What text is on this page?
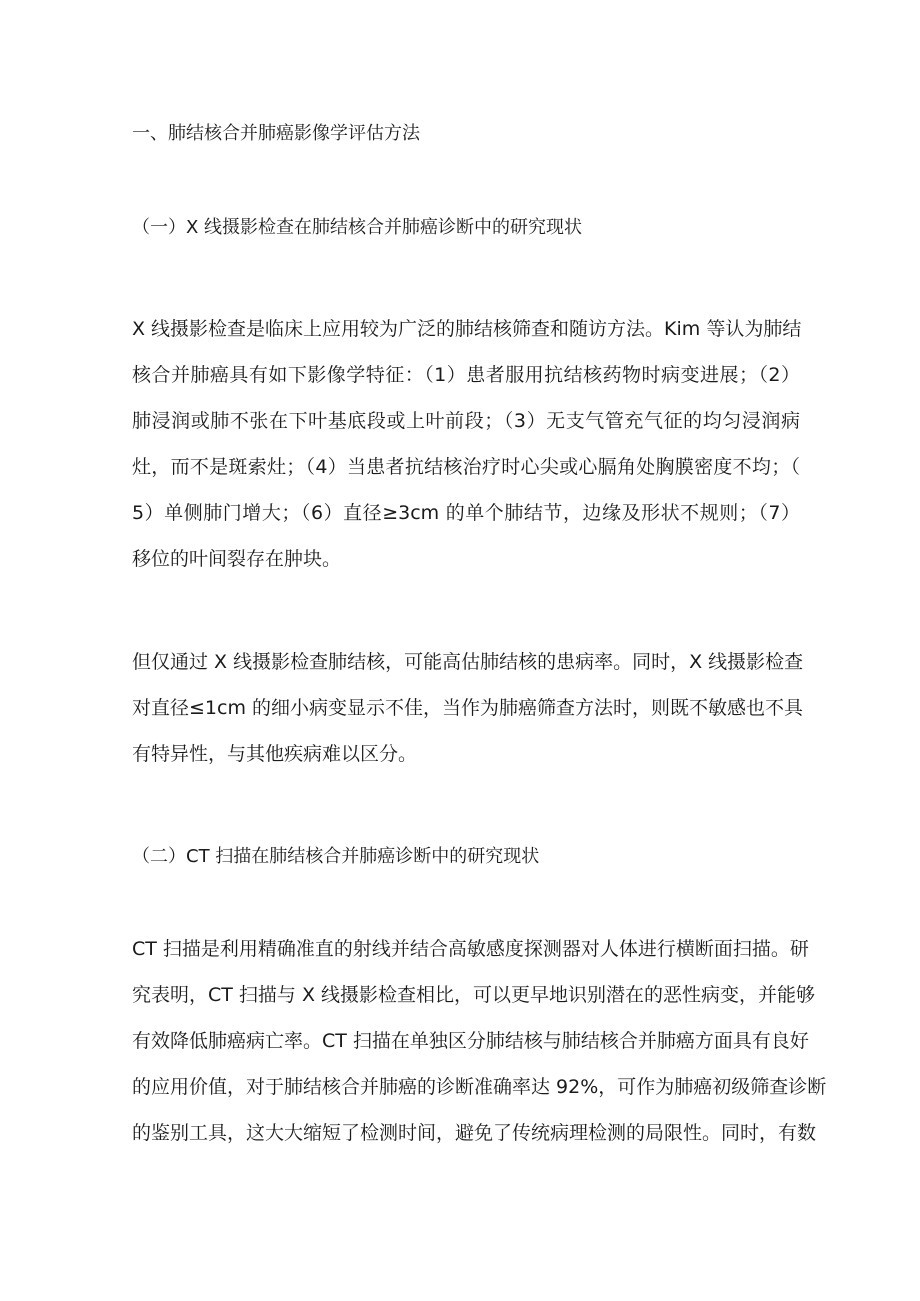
一、肺结核合并肺癌影像学评估方法
（一）X 线摄影检查在肺结核合并肺癌诊断中的研究现状
X 线摄影检查是临床上应用较为广泛的肺结核筛查和随访方法。Kim 等认为肺结
核合并肺癌具有如下影像学特征：（1）患者服用抗结核药物时病变进展；（2）
肺浸润或肺不张在下叶基底段或上叶前段；（3）无支气管充气征的均匀浸润病
灶，而不是斑索灶；（4）当患者抗结核治疗时心尖或心膈角处胸膜密度不均；（
5）单侧肺门增大；（6）直径≥3cm 的单个肺结节，边缘及形状不规则；（7）
移位的叶间裂存在肿块。
但仅通过 X 线摄影检查肺结核，可能高估肺结核的患病率。同时，X 线摄影检查
对直径≤1cm 的细小病变显示不佳，当作为肺癌筛查方法时，则既不敏感也不具
有特异性，与其他疾病难以区分。
（二）CT 扫描在肺结核合并肺癌诊断中的研究现状
CT 扫描是利用精确准直的射线并结合高敏感度探测器对人体进行横断面扫描。研
究表明，CT 扫描与 X 线摄影检查相比，可以更早地识别潜在的恶性病变，并能够
有效降低肺癌病亡率。CT 扫描在单独区分肺结核与肺结核合并肺癌方面具有良好
的应用价值，对于肺结核合并肺癌的诊断准确率达 92%，可作为肺癌初级筛查诊断
的鉴别工具，这大大缩短了检测时间，避免了传统病理检测的局限性。同时，有数
